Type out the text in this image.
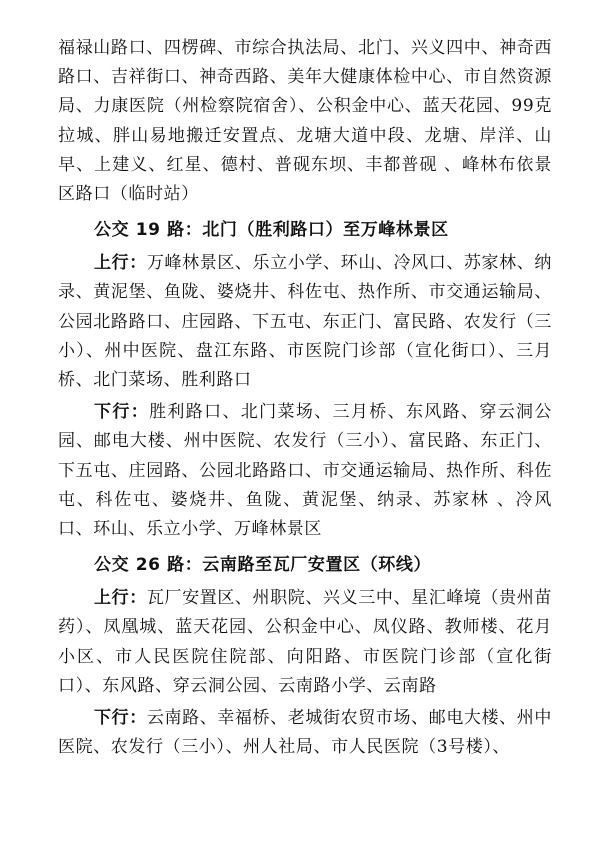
福禄山路口、四楞碑、市综合执法局、北门、兴义四中、神奇西路口、吉祥街口、神奇西路、美年大健康体检中心、市自然资源局、力康医院（州检察院宿舍）、公积金中心、蓝天花园、99克拉城、胖山易地搬迁安置点、龙塘大道中段、龙塘、岸洋、山早、上建义、红星、德村、普砚东坝、丰都普砚 、峰林布依景区路口（临时站）

公交 19 路：北门（胜利路口）至万峰林景区

上行：万峰林景区、乐立小学、环山、冷风口、苏家林、纳录、黄泥堡、鱼陇、婆烧井、科佐屯、热作所、市交通运输局、公园北路路口、庄园路、下五屯、东正门、富民路、农发行（三小）、州中医院、盘江东路、市医院门诊部（宣化街口）、三月桥、北门菜场、胜利路口

下行：胜利路口、北门菜场、三月桥、东风路、穿云洞公园、邮电大楼、州中医院、农发行（三小）、富民路、东正门、下五屯、庄园路、公园北路路口、市交通运输局、热作所、科佐屯、科佐屯、婆烧井、鱼陇、黄泥堡、纳录、苏家林 、冷风口、环山、乐立小学、万峰林景区

公交 26 路：云南路至瓦厂安置区（环线）

上行：瓦厂安置区、州职院、兴义三中、星汇峰境（贵州苗药）、凤凰城、蓝天花园、公积金中心、凤仪路、教师楼、花月小区、市人民医院住院部、向阳路、市医院门诊部（宣化街口）、东风路、穿云洞公园、云南路小学、云南路

下行：云南路、幸福桥、老城街农贸市场、邮电大楼、州中医院、农发行（三小）、州人社局、市人民医院（3号楼）、
